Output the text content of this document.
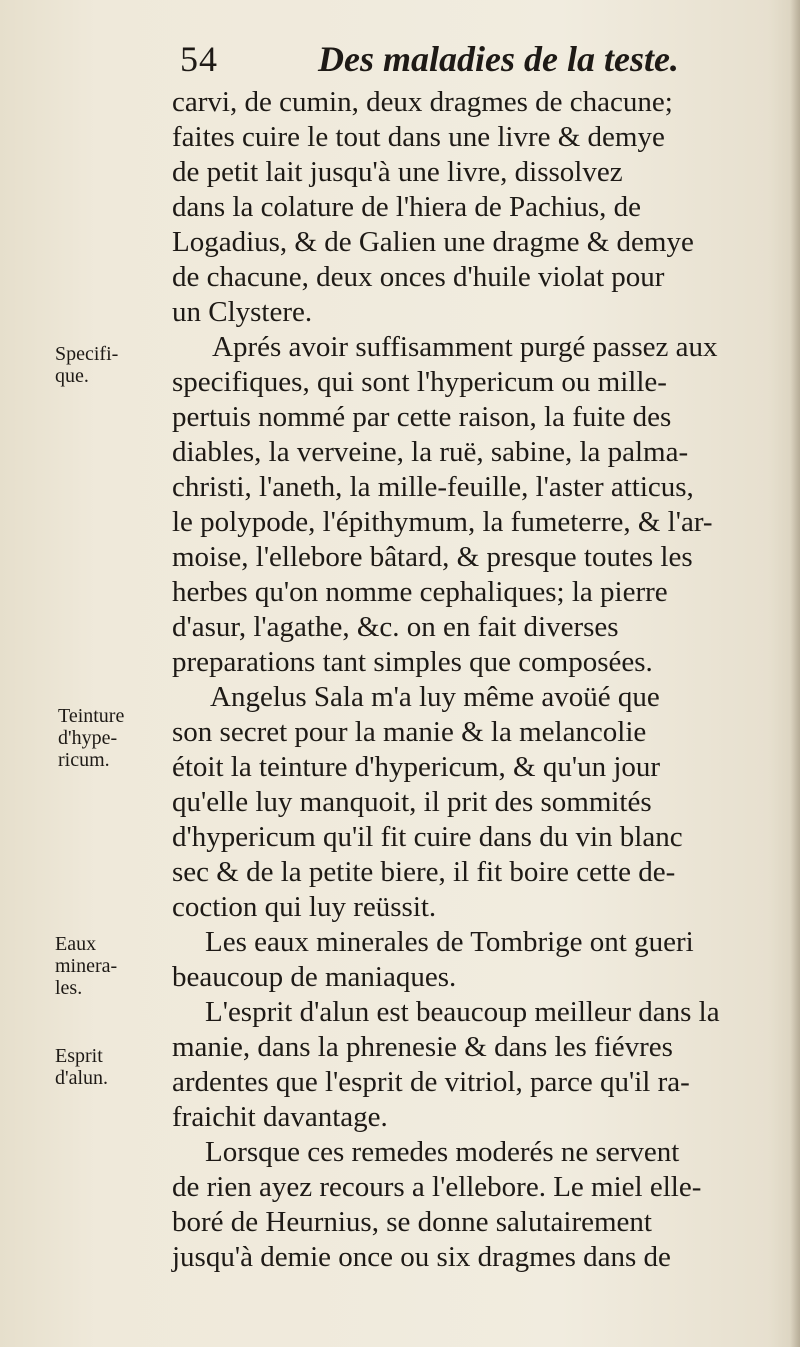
54	Des maladies de la teste.
Specifi-
que.
Teinture
d'hype-
ricum.
Eaux
minera-
les.
Esprit
d'alun.
carvi, de cumin, deux dragmes de chacune;
faites cuire le tout dans une livre & demye
de petit lait jusqu'à une livre, dissolvez
dans la colature de l'hiera de Pachius, de
Logadius, & de Galien une dragme & demye
de chacune, deux onces d'huile violat pour
un Clystere.
Aprés avoir suffisamment purgé passez aux
specifiques, qui sont l'hypericum ou mille-
pertuis nommé par cette raison, la fuite des
diables, la verveine, la ruë, sabine, la palma-
christi, l'aneth, la mille-feuille, l'aster atticus,
le polypode, l'épithymum, la fumeterre, & l'ar-
moise, l'ellebore bâtard, & presque toutes les
herbes qu'on nomme cephaliques; la pierre
d'asur, l'agathe, &c. on en fait diverses
preparations tant simples que composées.
Angelus Sala m'a luy même avoüé que
son secret pour la manie & la melancolie
étoit la teinture d'hypericum, & qu'un jour
qu'elle luy manquoit, il prit des sommités
d'hypericum qu'il fit cuire dans du vin blanc
sec & de la petite biere, il fit boire cette de-
coction qui luy reüssit.
Les eaux minerales de Tombrige ont gueri
beaucoup de maniaques.
L'esprit d'alun est beaucoup meilleur dans la
manie, dans la phrenesie & dans les fiévres
ardentes que l'esprit de vitriol, parce qu'il ra-
fraichit davantage.
Lorsque ces remedes moderés ne servent
de rien ayez recours a l'ellebore. Le miel elle-
boré de Heurnius, se donne salutairement
jusqu'à demie once ou six dragmes dans de
